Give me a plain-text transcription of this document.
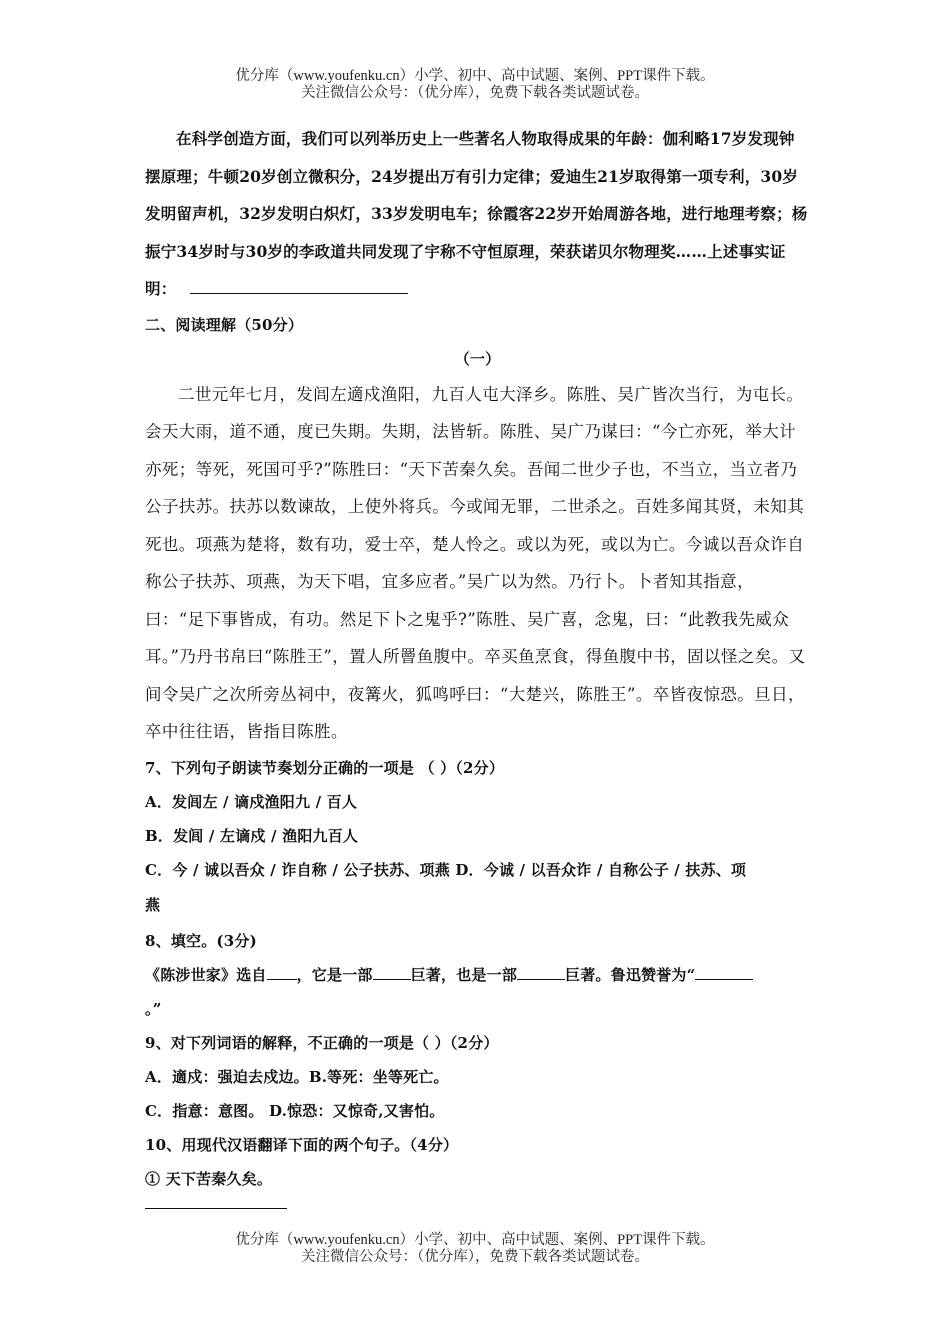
优分库（www.youfenku.cn）小学、初中、高中试题、案例、PPT课件下载。
关注微信公众号：（优分库），免费下载各类试题试卷。

在科学创造方面，我们可以列举历史上一些著名人物取得成果的年龄：伽利略17岁发现钟摆原理；牛顿20岁创立微积分，24岁提出万有引力定律；爱迪生21岁取得第一项专利，30岁发明留声机，32岁发明白炽灯，33岁发明电车；徐霞客22岁开始周游各地，进行地理考察；杨振宁34岁时与30岁的李政道共同发现了宇称不守恒原理，荣获诺贝尔物理奖……上述事实证明：

二、阅读理解（50分）

（一）

二世元年七月，发闾左適戍渔阳，九百人屯大泽乡。陈胜、吴广皆次当行，为屯长。会天大雨，道不通，度已失期。失期，法皆斩。陈胜、吴广乃谋曰：“今亡亦死，举大计亦死；等死，死国可乎?”陈胜曰：“天下苦秦久矣。吾闻二世少子也，不当立，当立者乃公子扶苏。扶苏以数谏故，上使外将兵。今或闻无罪，二世杀之。百姓多闻其贤，未知其死也。项燕为楚将，数有功，爱士卒，楚人怜之。或以为死，或以为亡。今诚以吾众诈自称公子扶苏、项燕，为天下唱，宜多应者。”吴广以为然。乃行卜。卜者知其指意，曰：“足下事皆成，有功。然足下卜之鬼乎?”陈胜、吴广喜，念鬼，曰：“此教我先威众耳。”乃丹书帛曰“陈胜王”，置人所罾鱼腹中。卒买鱼烹食，得鱼腹中书，固以怪之矣。又间令吴广之次所旁丛祠中，夜篝火，狐鸣呼曰：“大楚兴，陈胜王”。卒皆夜惊恐。旦日，卒中往往语，皆指目陈胜。

7、下列句子朗读节奏划分正确的一项是 （ ）（2分）

A．发闾左 / 谪戍渔阳九 / 百人

B．发闾 / 左谪戍 / 渔阳九百人

C．今 / 诚以吾众 / 诈自称 / 公子扶苏、项燕 D．今诚 / 以吾众诈 / 自称公子 / 扶苏、项

燕

8、填空。(3分)

《陈涉世家》选自 ，它是一部	巨著，也是一部	巨著。鲁迅赞誉为“

。”

9、对下列词语的解释，不正确的一项是（ ）（2分）

A．適戍：强迫去戍边。B.等死：坐等死亡。

C．指意：意图。 D.惊恐：又惊奇,又害怕。

10、用现代汉语翻译下面的两个句子。（4分）

① 天下苦秦久矣。

优分库（www.youfenku.cn）小学、初中、高中试题、案例、PPT课件下载。
关注微信公众号：（优分库），免费下载各类试题试卷。
